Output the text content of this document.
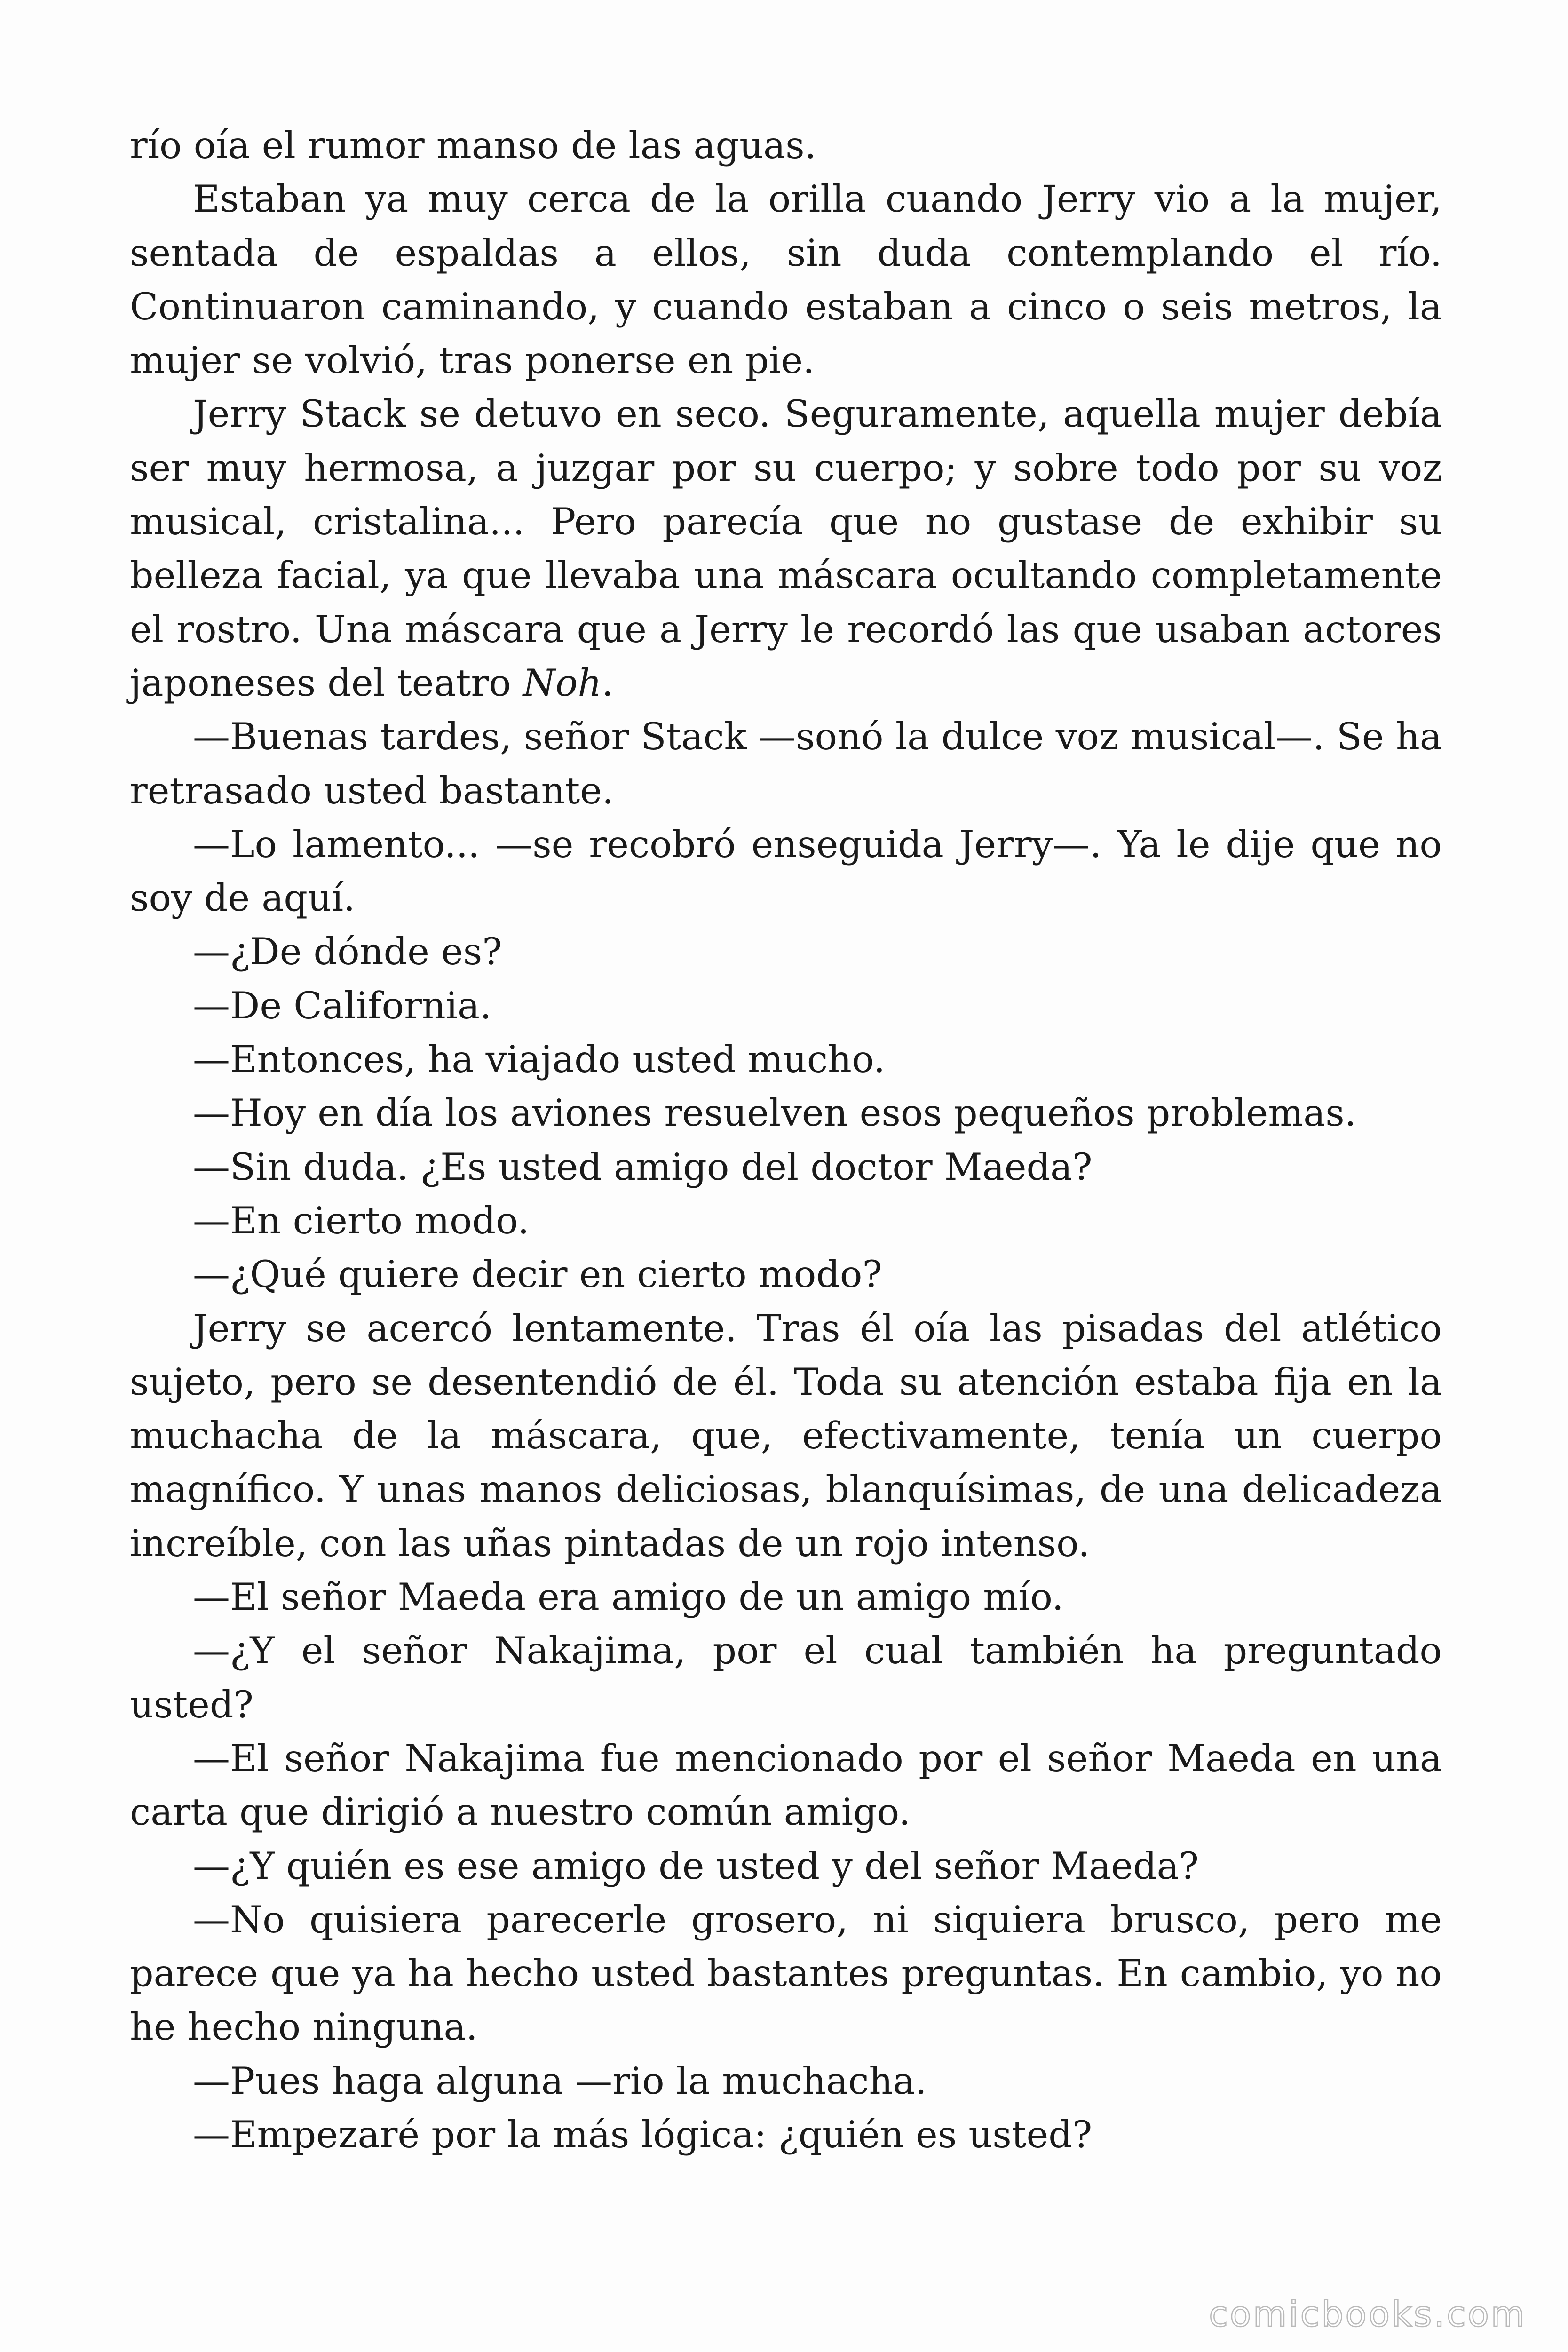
río oía el rumor manso de las aguas.

Estaban ya muy cerca de la orilla cuando Jerry vio a la mujer, sentada de espaldas a ellos, sin duda contemplando el río. Continuaron caminando, y cuando estaban a cinco o seis metros, la mujer se volvió, tras ponerse en pie.

Jerry Stack se detuvo en seco. Seguramente, aquella mujer debía ser muy hermosa, a juzgar por su cuerpo; y sobre todo por su voz musical, cristalina... Pero parecía que no gustase de exhibir su belleza facial, ya que llevaba una máscara ocultando completamente el rostro. Una máscara que a Jerry le recordó las que usaban actores japoneses del teatro Noh.

—Buenas tardes, señor Stack —sonó la dulce voz musical—. Se ha retrasado usted bastante.

—Lo lamento... —se recobró enseguida Jerry—. Ya le dije que no soy de aquí.

—¿De dónde es?

—De California.

—Entonces, ha viajado usted mucho.

—Hoy en día los aviones resuelven esos pequeños problemas.

—Sin duda. ¿Es usted amigo del doctor Maeda?

—En cierto modo.

—¿Qué quiere decir en cierto modo?

Jerry se acercó lentamente. Tras él oía las pisadas del atlético sujeto, pero se desentendió de él. Toda su atención estaba fija en la muchacha de la máscara, que, efectivamente, tenía un cuerpo magnífico. Y unas manos deliciosas, blanquísimas, de una delicadeza increíble, con las uñas pintadas de un rojo intenso.

—El señor Maeda era amigo de un amigo mío.

—¿Y el señor Nakajima, por el cual también ha preguntado usted?

—El señor Nakajima fue mencionado por el señor Maeda en una carta que dirigió a nuestro común amigo.

—¿Y quién es ese amigo de usted y del señor Maeda?

—No quisiera parecerle grosero, ni siquiera brusco, pero me parece que ya ha hecho usted bastantes preguntas. En cambio, yo no he hecho ninguna.

—Pues haga alguna —rio la muchacha.

—Empezaré por la más lógica: ¿quién es usted?

comicbooks.com
